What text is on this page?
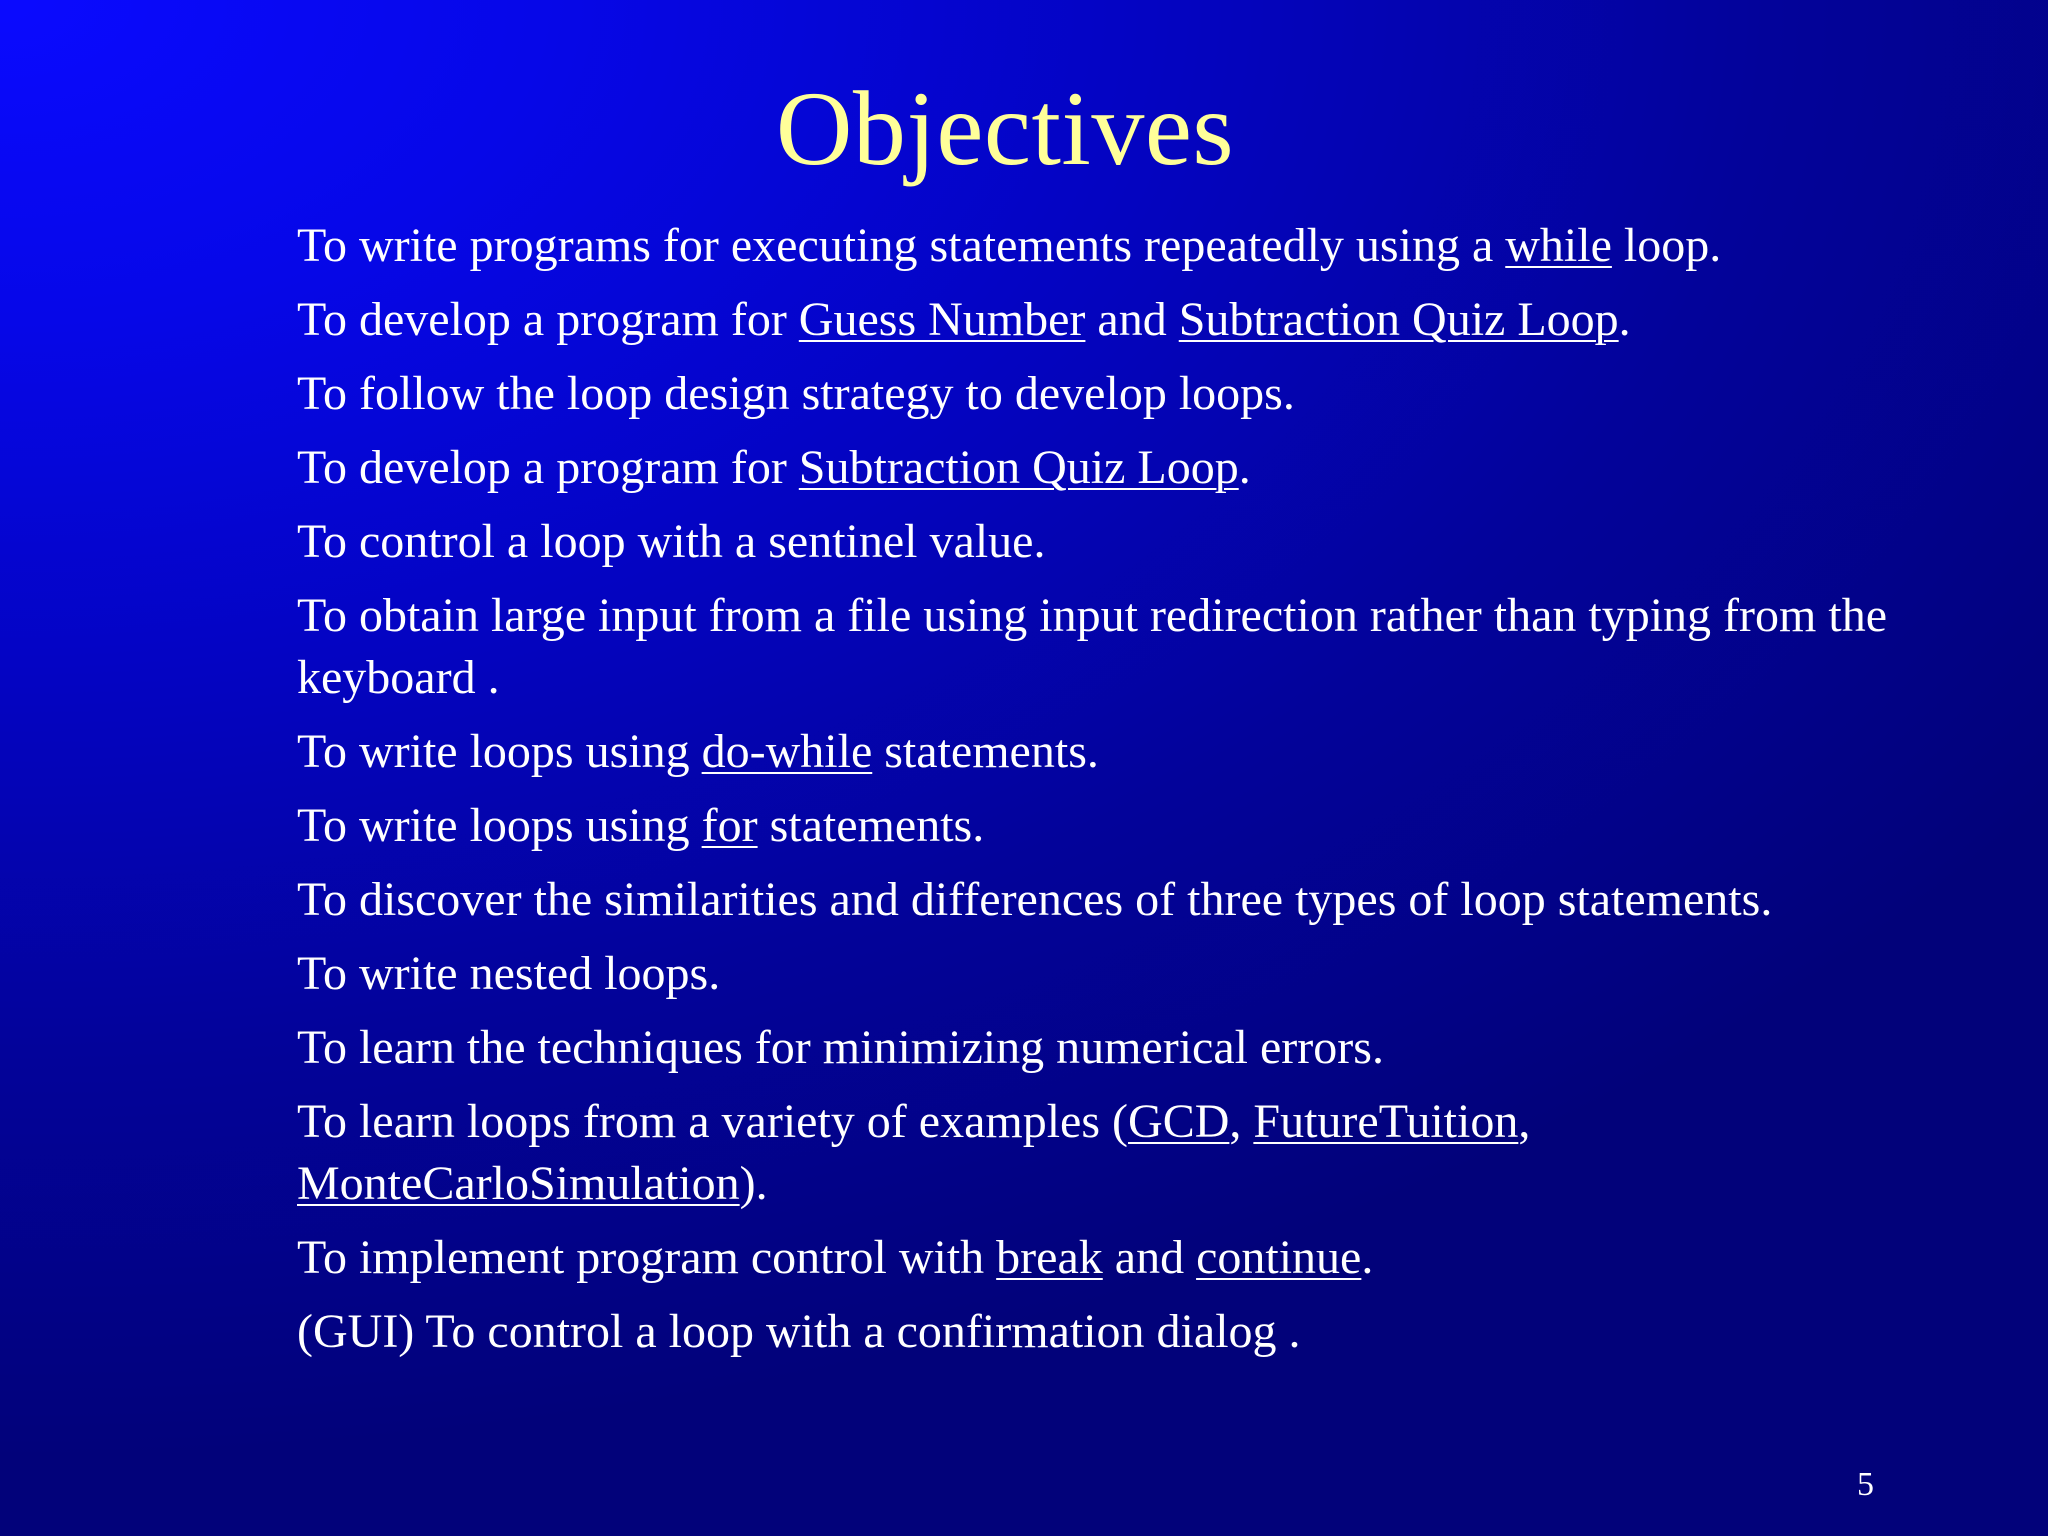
Objectives
To write programs for executing statements repeatedly using a while loop.
To develop a program for Guess Number and Subtraction Quiz Loop.
To follow the loop design strategy to develop loops.
To develop a program for Subtraction Quiz Loop.
To control a loop with a sentinel value.
To obtain large input from a file using input redirection rather than typing from the keyboard .
To write loops using do-while statements.
To write loops using for statements.
To discover the similarities and differences of three types of loop statements.
To write nested loops.
To learn the techniques for minimizing numerical errors.
To learn loops from a variety of examples (GCD, FutureTuition,
MonteCarloSimulation).
To implement program control with break and continue.
(GUI) To control a loop with a confirmation dialog .
5
